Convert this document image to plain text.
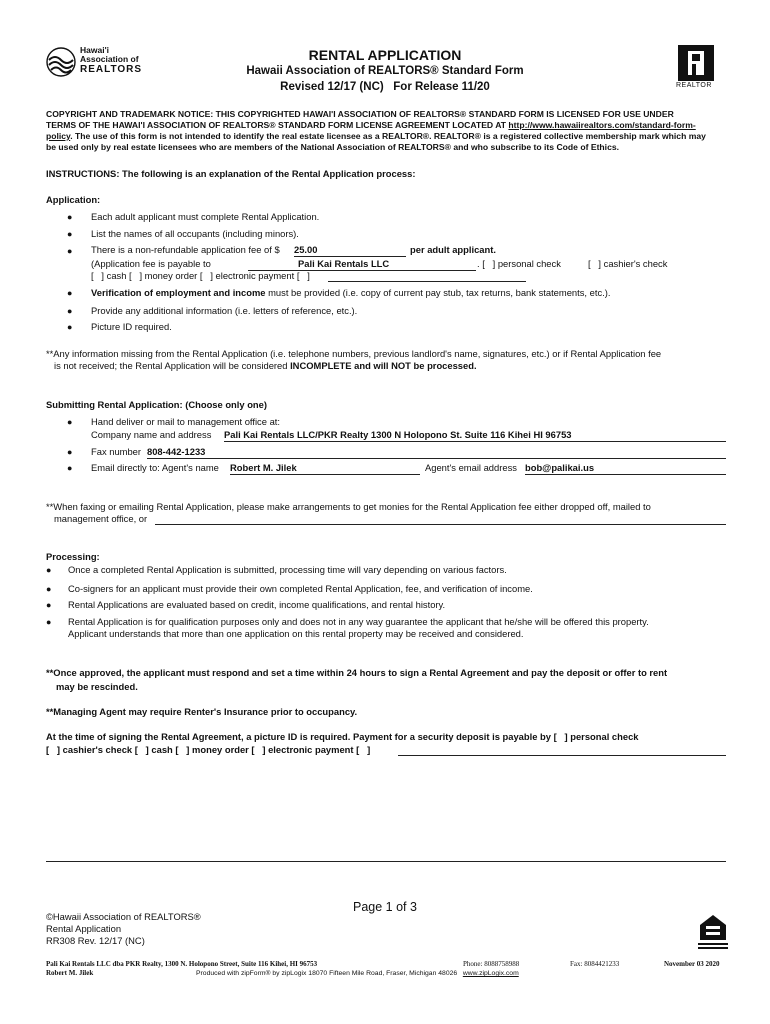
Hawai'i
Association of
REALTORS
RENTAL APPLICATION
Hawaii Association of REALTORS® Standard Form
Revised 12/17 (NC)   For Release 11/20	REALTOR
COPYRIGHT AND TRADEMARK NOTICE: THIS COPYRIGHTED HAWAI'I ASSOCIATION OF REALTORS® STANDARD FORM IS LICENSED FOR USE UNDER
TERMS OF THE HAWAI'I ASSOCIATION OF REALTORS® STANDARD FORM LICENSE AGREEMENT LOCATED AT http://www.hawaiirealtors.com/standard-form-
policy. The use of this form is not intended to identify the real estate licensee as a REALTOR®. REALTOR® is a registered collective membership mark which may
be used only by real estate licensees who are members of the National Association of REALTORS® and who subscribe to its Code of Ethics.
INSTRUCTIONS: The following is an explanation of the Rental Application process:
Application:
● Each adult applicant must complete Rental Application.
● List the names of all occupants (including minors).
● There is a non-refundable application fee of $ 25.00	per adult applicant.
(Application fee is payable to	Pali Kai Rentals LLC	. [   ] personal check	[   ] cashier's check
[   ] cash [   ] money order [   ] electronic payment [   ]
● Verification of employment and income must be provided (i.e. copy of current pay stub, tax returns, bank statements, etc.).
● Provide any additional information (i.e. letters of reference, etc.).
● Picture ID required.
**Any information missing from the Rental Application (i.e. telephone numbers, previous landlord's name, signatures, etc.) or if Rental Application fee
is not received; the Rental Application will be considered INCOMPLETE and will NOT be processed.
Submitting Rental Application: (Choose only one)
● Hand deliver or mail to management office at:
Company name and address Pali Kai Rentals LLC/PKR Realty 1300 N Holopono St. Suite 116 Kihei HI 96753
● Fax number 808-442-1233
● Email directly to: Agent's name Robert M. Jilek	Agent's email address bob@palikai.us
**When faxing or emailing Rental Application, please make arrangements to get monies for the Rental Application fee either dropped off, mailed to
management office, or
Processing:
● Once a completed Rental Application is submitted, processing time will vary depending on various factors.
● Co-signers for an applicant must provide their own completed Rental Application, fee, and verification of income.
● Rental Applications are evaluated based on credit, income qualifications, and rental history.
● Rental Application is for qualification purposes only and does not in any way guarantee the applicant that he/she will be offered this property.
Applicant understands that more than one application on this rental property may be received and considered.
**Once approved, the applicant must respond and set a time within 24 hours to sign a Rental Agreement and pay the deposit or offer to rent
may be rescinded.
**Managing Agent may require Renter's Insurance prior to occupancy.
At the time of signing the Rental Agreement, a picture ID is required. Payment for a security deposit is payable by [   ] personal check
[   ] cashier's check [   ] cash [   ] money order [   ] electronic payment [   ]
Page 1 of 3
©Hawaii Association of REALTORS®
Rental Application
RR308 Rev. 12/17 (NC)
Pali Kai Rentals LLC dba PKR Realty, 1300 N. Holopono Street, Suite 116 Kihei, HI 96753
Robert M. Jilek
Phone: 8088758988	Fax: 8084421233	November 03 2020
Produced with zipForm® by zipLogix 18070 Fifteen Mile Road, Fraser, Michigan 48026 www.zipLogix.com
